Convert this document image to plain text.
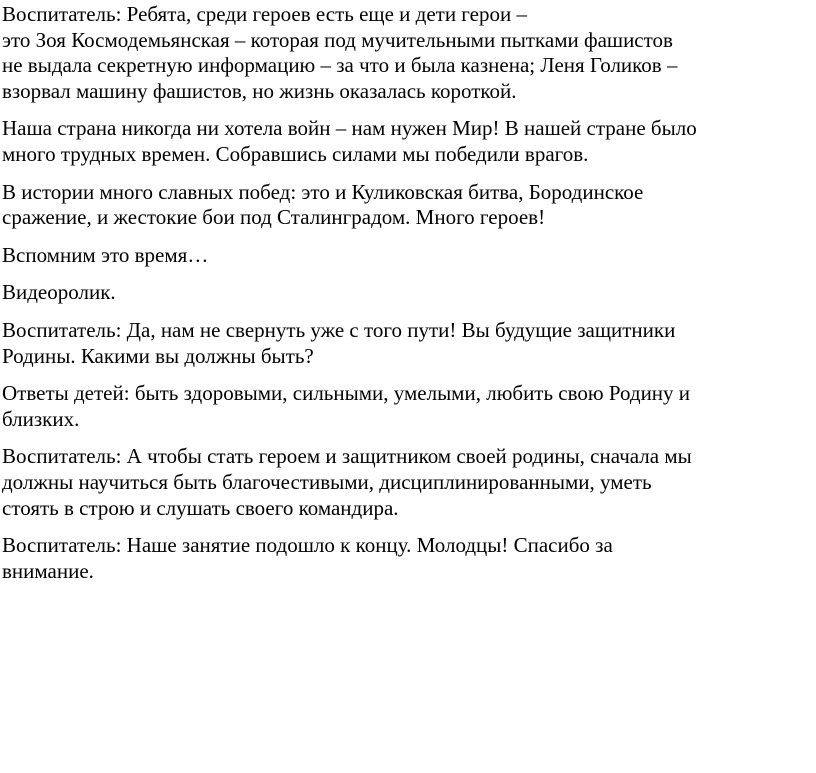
Воспитатель: Ребята, среди героев есть еще и дети герои –
это Зоя Космодемьянская – которая под мучительными пытками фашистов
не выдала секретную информацию – за что и была казнена; Леня Голиков –
взорвал машину фашистов, но жизнь оказалась короткой.

Наша страна никогда ни хотела войн – нам нужен Мир! В нашей стране было
много трудных времен. Собравшись силами мы победили врагов.

В истории много славных побед: это и Куликовская битва, Бородинское
сражение, и жестокие бои под Сталинградом. Много героев!

Вспомним это время…

Видеоролик.

Воспитатель: Да, нам не свернуть уже с того пути! Вы будущие защитники
Родины. Какими вы должны быть?

Ответы детей: быть здоровыми, сильными, умелыми, любить свою Родину и
близких.

Воспитатель: А чтобы стать героем и защитником своей родины, сначала мы
должны научиться быть благочестивыми, дисциплинированными, уметь
стоять в строю и слушать своего командира.

Воспитатель: Наше занятие подошло к концу. Молодцы! Спасибо за
внимание.
